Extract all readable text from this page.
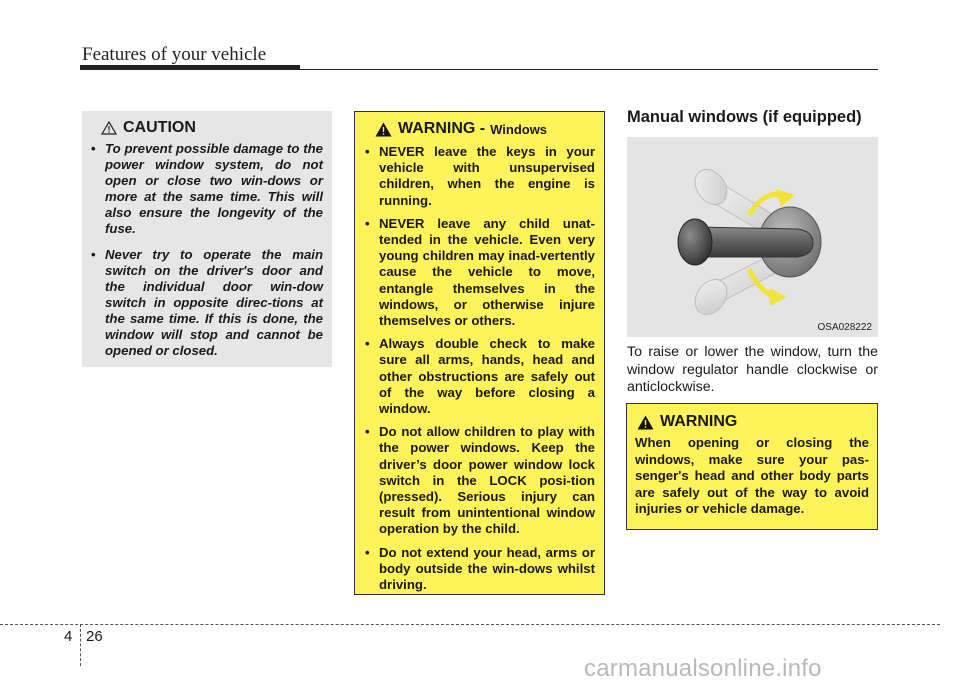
Features of your vehicle
CAUTION
• To prevent possible damage to the power window system, do not open or close two win-dows or more at the same time. This will also ensure the longevity of the fuse.
• Never try to operate the main switch on the driver's door and the individual door win-dow switch in opposite direc-tions at the same time. If this is done, the window will stop and cannot be opened or closed.
WARNING - Windows
• NEVER leave the keys in your vehicle with unsupervised children, when the engine is running.
• NEVER leave any child unat-tended in the vehicle. Even very young children may inad-vertently cause the vehicle to move, entangle themselves in the windows, or otherwise injure themselves or others.
• Always double check to make sure all arms, hands, head and other obstructions are safely out of the way before closing a window.
• Do not allow children to play with the power windows. Keep the driver’s door power window lock switch in the LOCK posi-tion (pressed). Serious injury can result from unintentional window operation by the child.
• Do not extend your head, arms or body outside the win-dows whilst driving.
Manual windows (if equipped)
OSA028222
To raise or lower the window, turn the window regulator handle clockwise or anticlockwise.
WARNING
When opening or closing the windows, make sure your pas-senger's head and other body parts are safely out of the way to avoid injuries or vehicle damage.
4 26
carmanualsonline.info
